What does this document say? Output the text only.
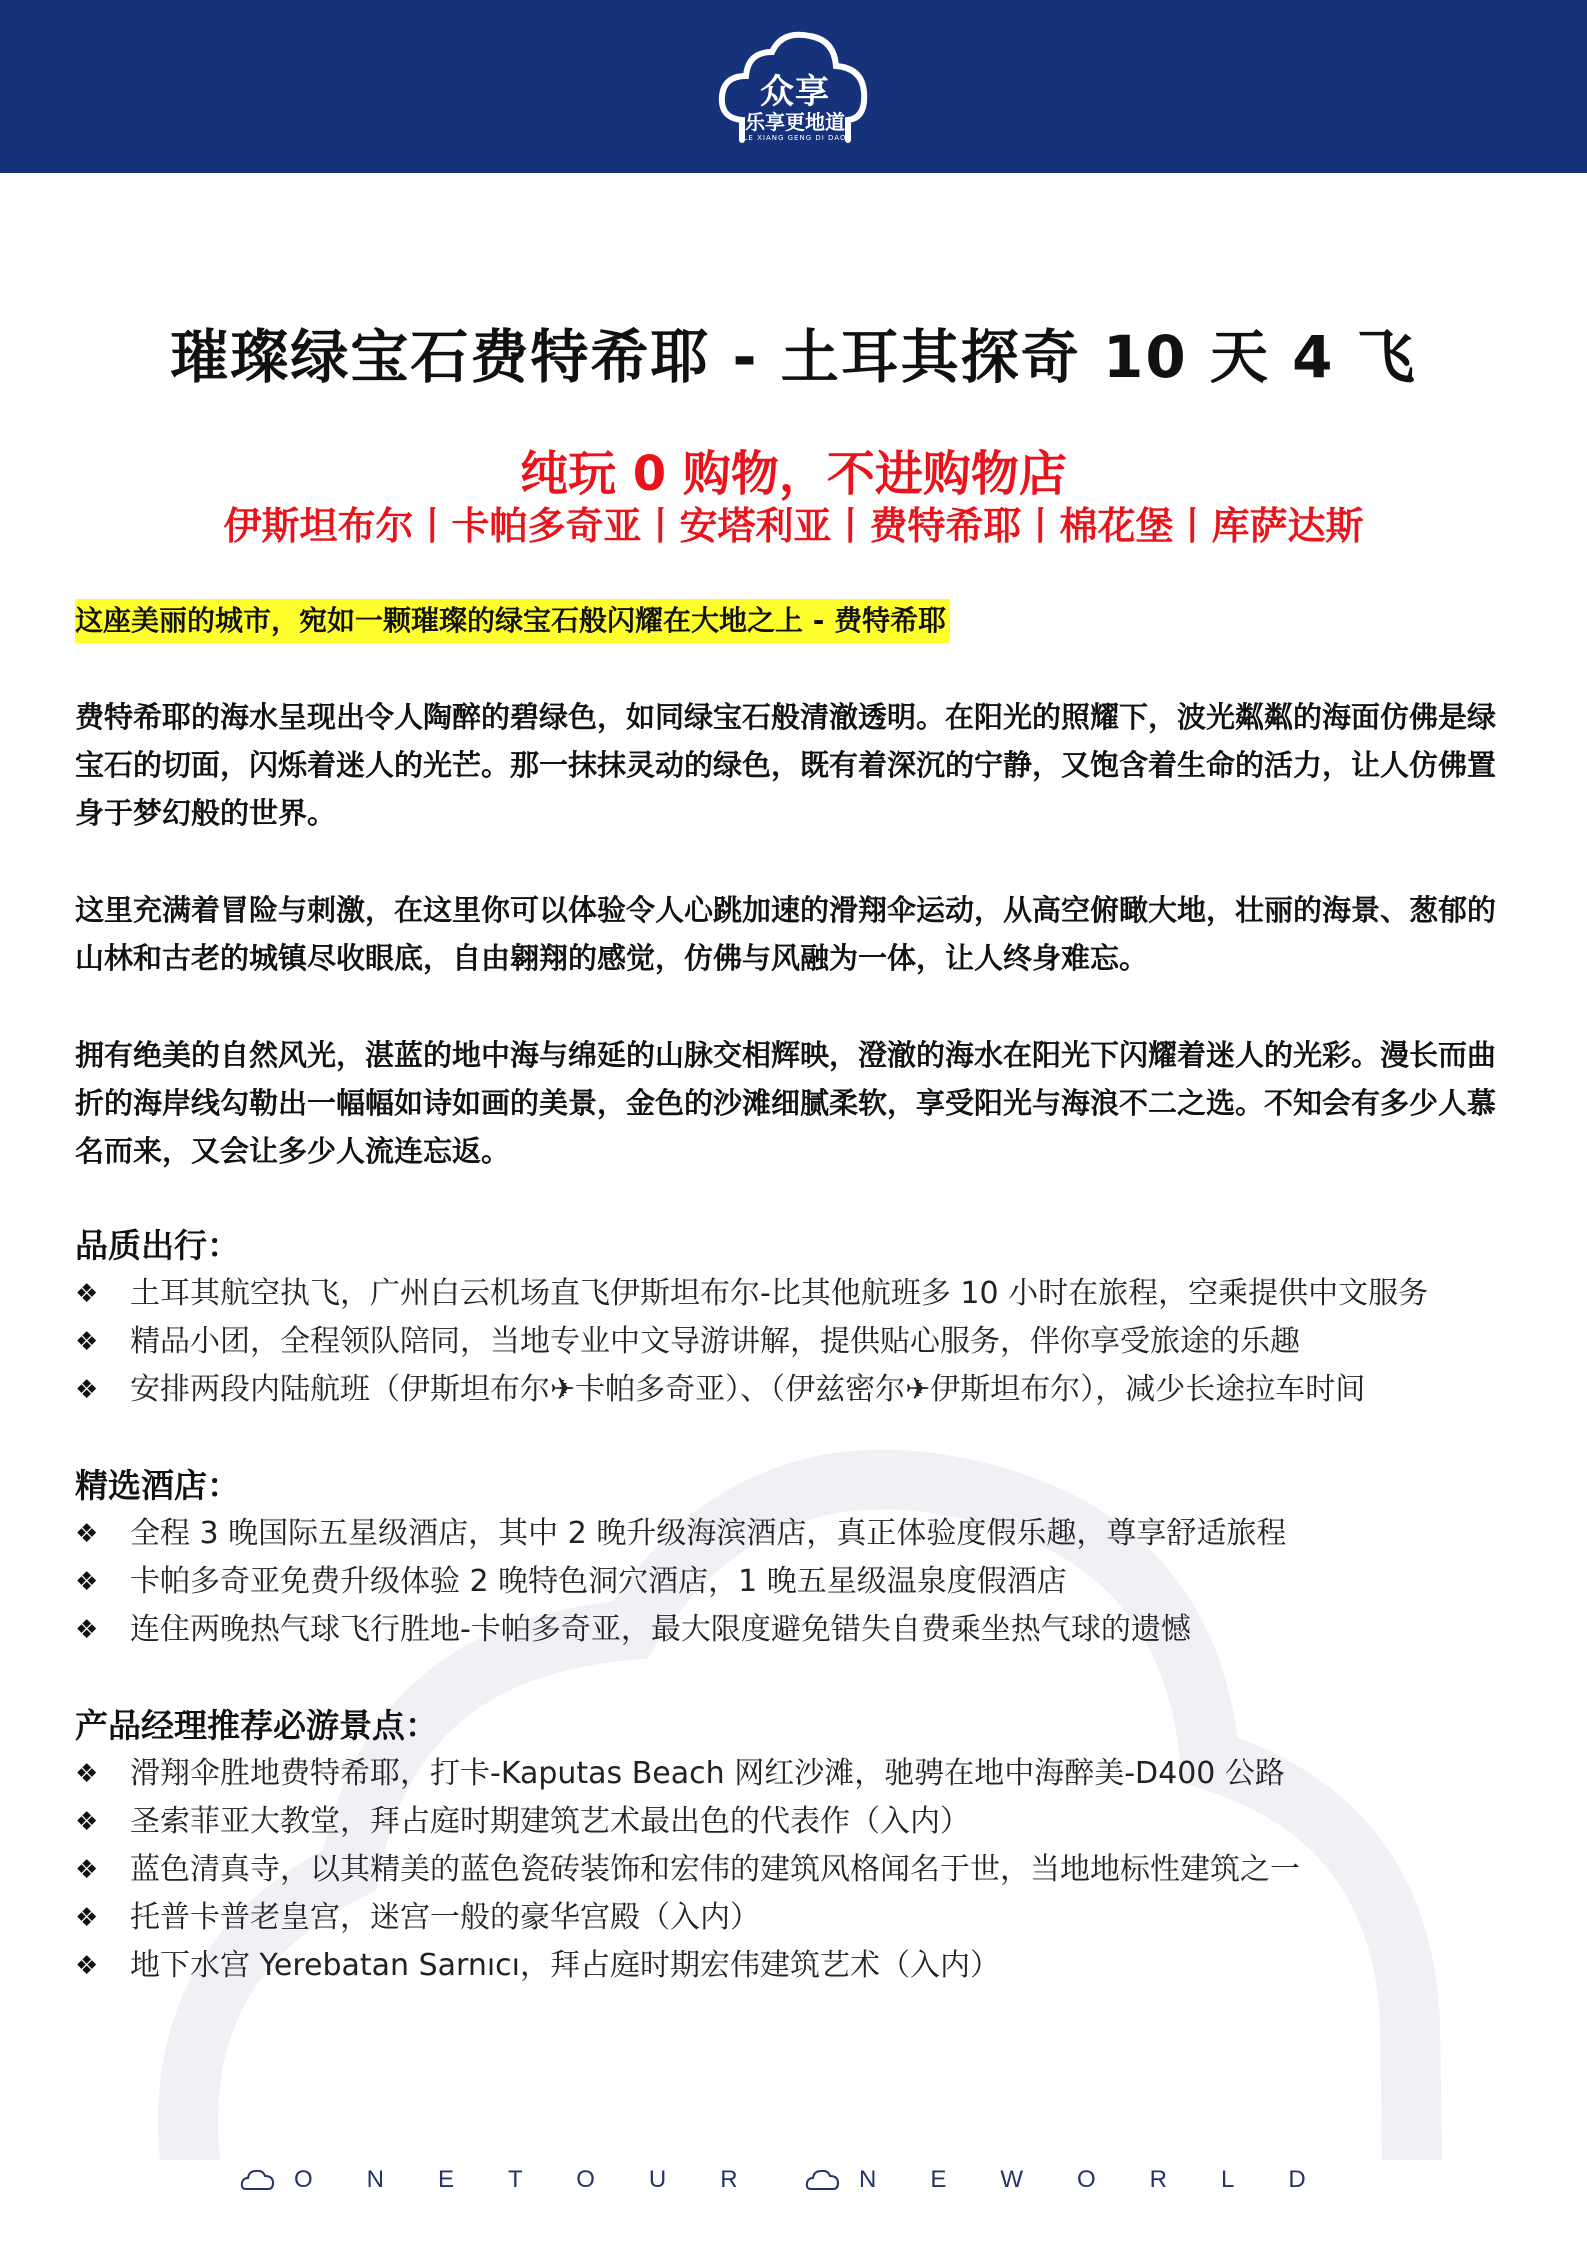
众享
乐享更地道
LE XIANG GENG DI DAO
璀璨绿宝石费特希耶 - 土耳其探奇 10 天 4 飞
纯玩 0 购物，不进购物店
伊斯坦布尔丨卡帕多奇亚丨安塔利亚丨费特希耶丨棉花堡丨库萨达斯
这座美丽的城市，宛如一颗璀璨的绿宝石般闪耀在大地之上 - 费特希耶

费特希耶的海水呈现出令人陶醉的碧绿色，如同绿宝石般清澈透明。在阳光的照耀下，波光粼粼的海面仿佛是绿宝石的切面，闪烁着迷人的光芒。那一抹抹灵动的绿色，既有着深沉的宁静，又饱含着生命的活力，让人仿佛置身于梦幻般的世界。

这里充满着冒险与刺激，在这里你可以体验令人心跳加速的滑翔伞运动，从高空俯瞰大地，壮丽的海景、葱郁的山林和古老的城镇尽收眼底，自由翱翔的感觉，仿佛与风融为一体，让人终身难忘。

拥有绝美的自然风光，湛蓝的地中海与绵延的山脉交相辉映，澄澈的海水在阳光下闪耀着迷人的光彩。漫长而曲折的海岸线勾勒出一幅幅如诗如画的美景，金色的沙滩细腻柔软，享受阳光与海浪不二之选。不知会有多少人慕名而来，又会让多少人流连忘返。

品质出行：
❖ 土耳其航空执飞，广州白云机场直飞伊斯坦布尔-比其他航班多 10 小时在旅程，空乘提供中文服务
❖ 精品小团，全程领队陪同，当地专业中文导游讲解，提供贴心服务，伴你享受旅途的乐趣
❖ 安排两段内陆航班（伊斯坦布尔✈卡帕多奇亚）、（伊兹密尔✈伊斯坦布尔），减少长途拉车时间
精选酒店：
❖ 全程 3 晚国际五星级酒店，其中 2 晚升级海滨酒店，真正体验度假乐趣，尊享舒适旅程
❖ 卡帕多奇亚免费升级体验 2 晚特色洞穴酒店，1 晚五星级温泉度假酒店
❖ 连住两晚热气球飞行胜地-卡帕多奇亚，最大限度避免错失自费乘坐热气球的遗憾
产品经理推荐必游景点：
❖ 滑翔伞胜地费特希耶，打卡-Kaputas Beach 网红沙滩，驰骋在地中海醉美-D400 公路
❖ 圣索菲亚大教堂，拜占庭时期建筑艺术最出色的代表作（入内）
❖ 蓝色清真寺，以其精美的蓝色瓷砖装饰和宏伟的建筑风格闻名于世，当地地标性建筑之一
❖ 托普卡普老皇宫，迷宫一般的豪华宫殿（入内）
❖ 地下水宫 Yerebatan Sarnıcı，拜占庭时期宏伟建筑艺术（入内）
ONETOUR	NEWORLD
